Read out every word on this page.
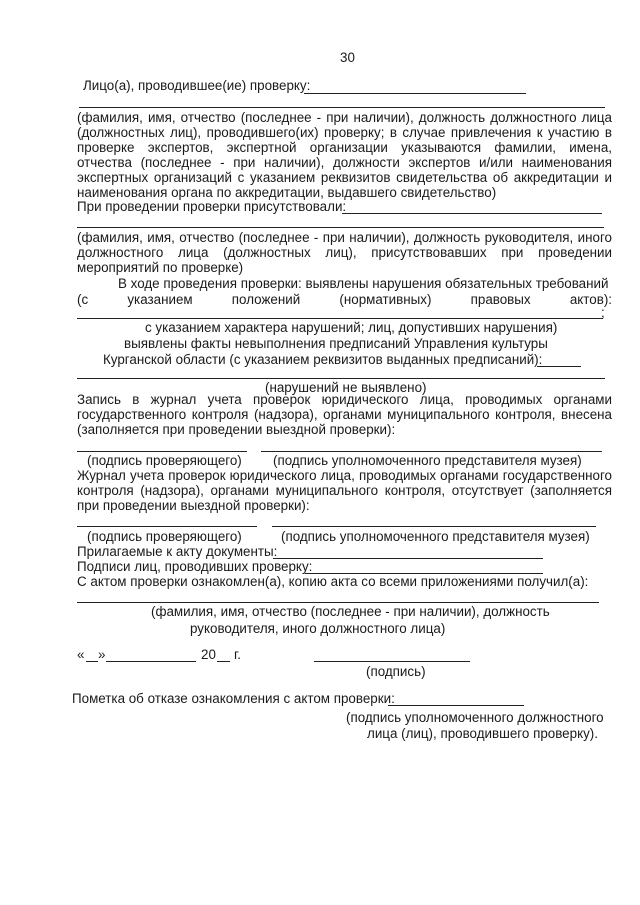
30
Лицо(а), проводившее(ие) проверку:
(фамилия, имя, отчество (последнее - при наличии), должность должностного лица (должностных лиц), проводившего(их) проверку; в случае привлечения к участию в проверке экспертов, экспертной организации указываются фамилии, имена, отчества (последнее - при наличии), должности экспертов и/или наименования экспертных организаций с указанием реквизитов свидетельства об аккредитации и наименования органа по аккредитации, выдавшего свидетельство)
При проведении проверки присутствовали:
(фамилия, имя, отчество (последнее - при наличии), должность руководителя, иного должностного лица (должностных лиц), присутствовавших при проведении мероприятий по проверке)
В ходе проведения проверки: выявлены нарушения обязательных требований
(с указанием положений (нормативных) правовых актов):
;
с указанием характера нарушений; лиц, допустивших нарушения)
выявлены факты невыполнения предписаний Управления культуры
Курганской области (с указанием реквизитов выданных предписаний):
(нарушений не выявлено)
Запись в журнал учета проверок юридического лица, проводимых органами государственного контроля (надзора), органами муниципального контроля, внесена (заполняется при проведении выездной проверки):
(подпись проверяющего) (подпись уполномоченного представителя музея)
Журнал учета проверок юридического лица, проводимых органами государственного контроля (надзора), органами муниципального контроля, отсутствует (заполняется при проведении выездной проверки):
(подпись проверяющего)	(подпись уполномоченного представителя музея)
Прилагаемые к акту документы:
Подписи лиц, проводивших проверку:
С актом проверки ознакомлен(а), копию акта со всеми приложениями получил(а):
(фамилия, имя, отчество (последнее - при наличии), должность
руководителя, иного должностного лица)
« »	20 г.
(подпись)
Пометка об отказе ознакомления с актом проверки:
(подпись уполномоченного должностного
лица (лиц), проводившего проверку).
